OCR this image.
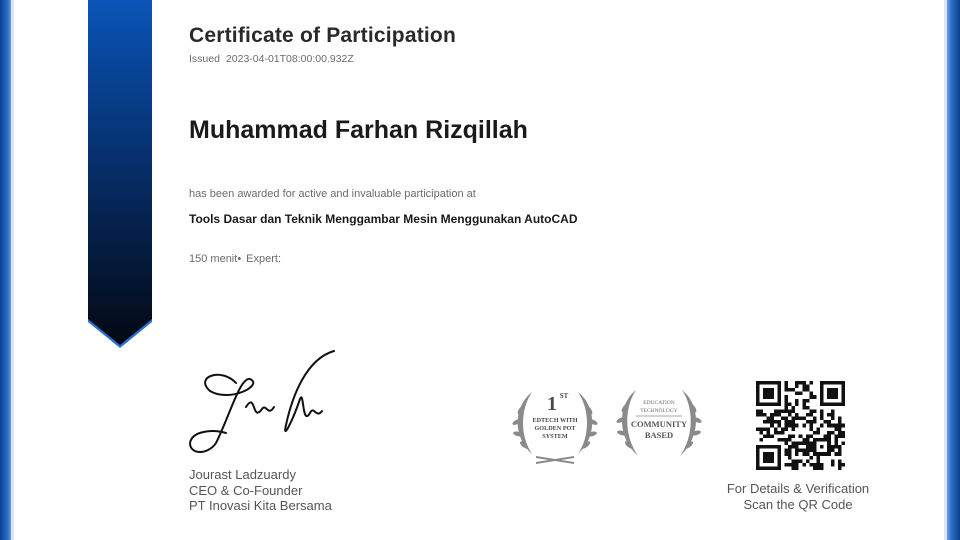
Certificate of Participation
Issued 2023-04-01T08:00:00.932Z
Muhammad Farhan Rizqillah
has been awarded for active and invaluable participation at
Tools Dasar dan Teknik Menggambar Mesin Menggunakan AutoCAD
150 menit• Expert:
Jourast Ladzuardy
CEO & Co-Founder
PT Inovasi Kita Bersama
1 ST
EDTECH WITH
GOLDEN POT
SYSTEM
EDUCATION
TECHNOLOGY
COMMUNITY
BASED
For Details & Verification
Scan the QR Code
